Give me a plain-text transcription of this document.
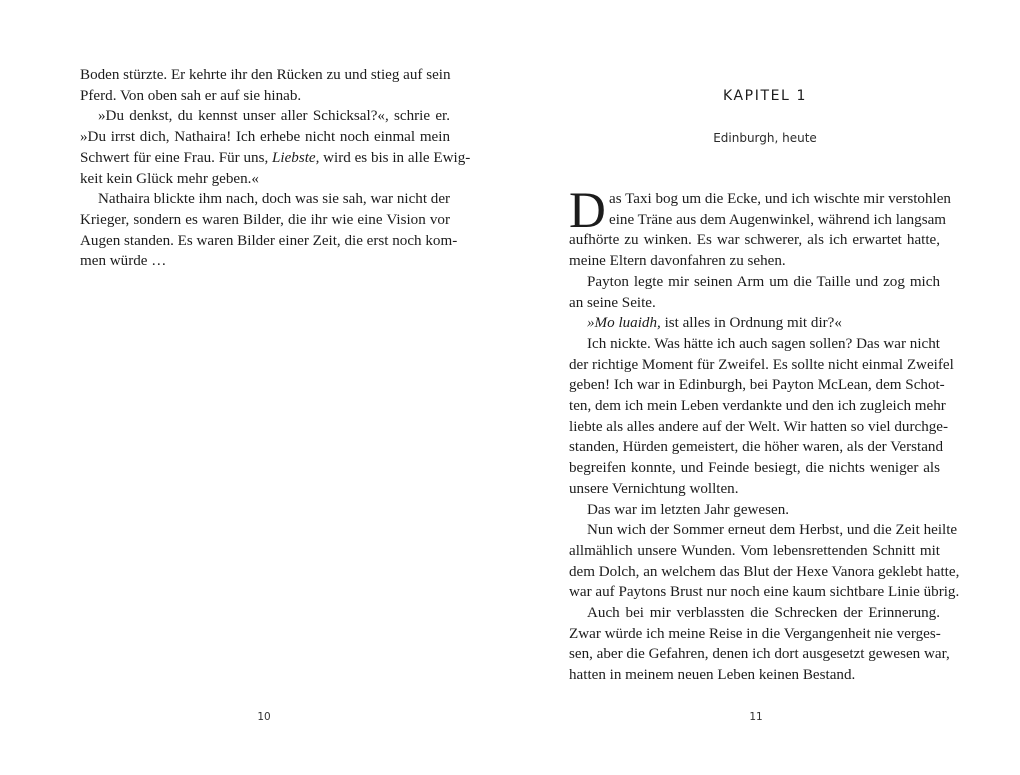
Boden stürzte. Er kehrte ihr den Rücken zu und stieg auf sein
Pferd. Von oben sah er auf sie hinab.
»Du denkst, du kennst unser aller Schicksal?«, schrie er.
»Du irrst dich, Nathaira! Ich erhebe nicht noch einmal mein
Schwert für eine Frau. Für uns, Liebste, wird es bis in alle Ewig-
keit kein Glück mehr geben.«
Nathaira blickte ihm nach, doch was sie sah, war nicht der
Krieger, sondern es waren Bilder, die ihr wie eine Vision vor
Augen standen. Es waren Bilder einer Zeit, die erst noch kom-
men würde …
10
KAPITEL 1
Edinburgh, heute
D as Taxi bog um die Ecke, und ich wischte mir verstohlen
eine Träne aus dem Augenwinkel, während ich langsam
aufhörte zu winken. Es war schwerer, als ich erwartet hatte,
meine Eltern davonfahren zu sehen.
Payton legte mir seinen Arm um die Taille und zog mich
an seine Seite.
»Mo luaidh, ist alles in Ordnung mit dir?«
Ich nickte. Was hätte ich auch sagen sollen? Das war nicht
der richtige Moment für Zweifel. Es sollte nicht einmal Zweifel
geben! Ich war in Edinburgh, bei Payton McLean, dem Schot-
ten, dem ich mein Leben verdankte und den ich zugleich mehr
liebte als alles andere auf der Welt. Wir hatten so viel durchge-
standen, Hürden gemeistert, die höher waren, als der Verstand
begreifen konnte, und Feinde besiegt, die nichts weniger als
unsere Vernichtung wollten.
Das war im letzten Jahr gewesen.
Nun wich der Sommer erneut dem Herbst, und die Zeit heilte
allmählich unsere Wunden. Vom lebensrettenden Schnitt mit
dem Dolch, an welchem das Blut der Hexe Vanora geklebt hatte,
war auf Paytons Brust nur noch eine kaum sichtbare Linie übrig.
Auch bei mir verblassten die Schrecken der Erinnerung.
Zwar würde ich meine Reise in die Vergangenheit nie verges-
sen, aber die Gefahren, denen ich dort ausgesetzt gewesen war,
hatten in meinem neuen Leben keinen Bestand.
11
